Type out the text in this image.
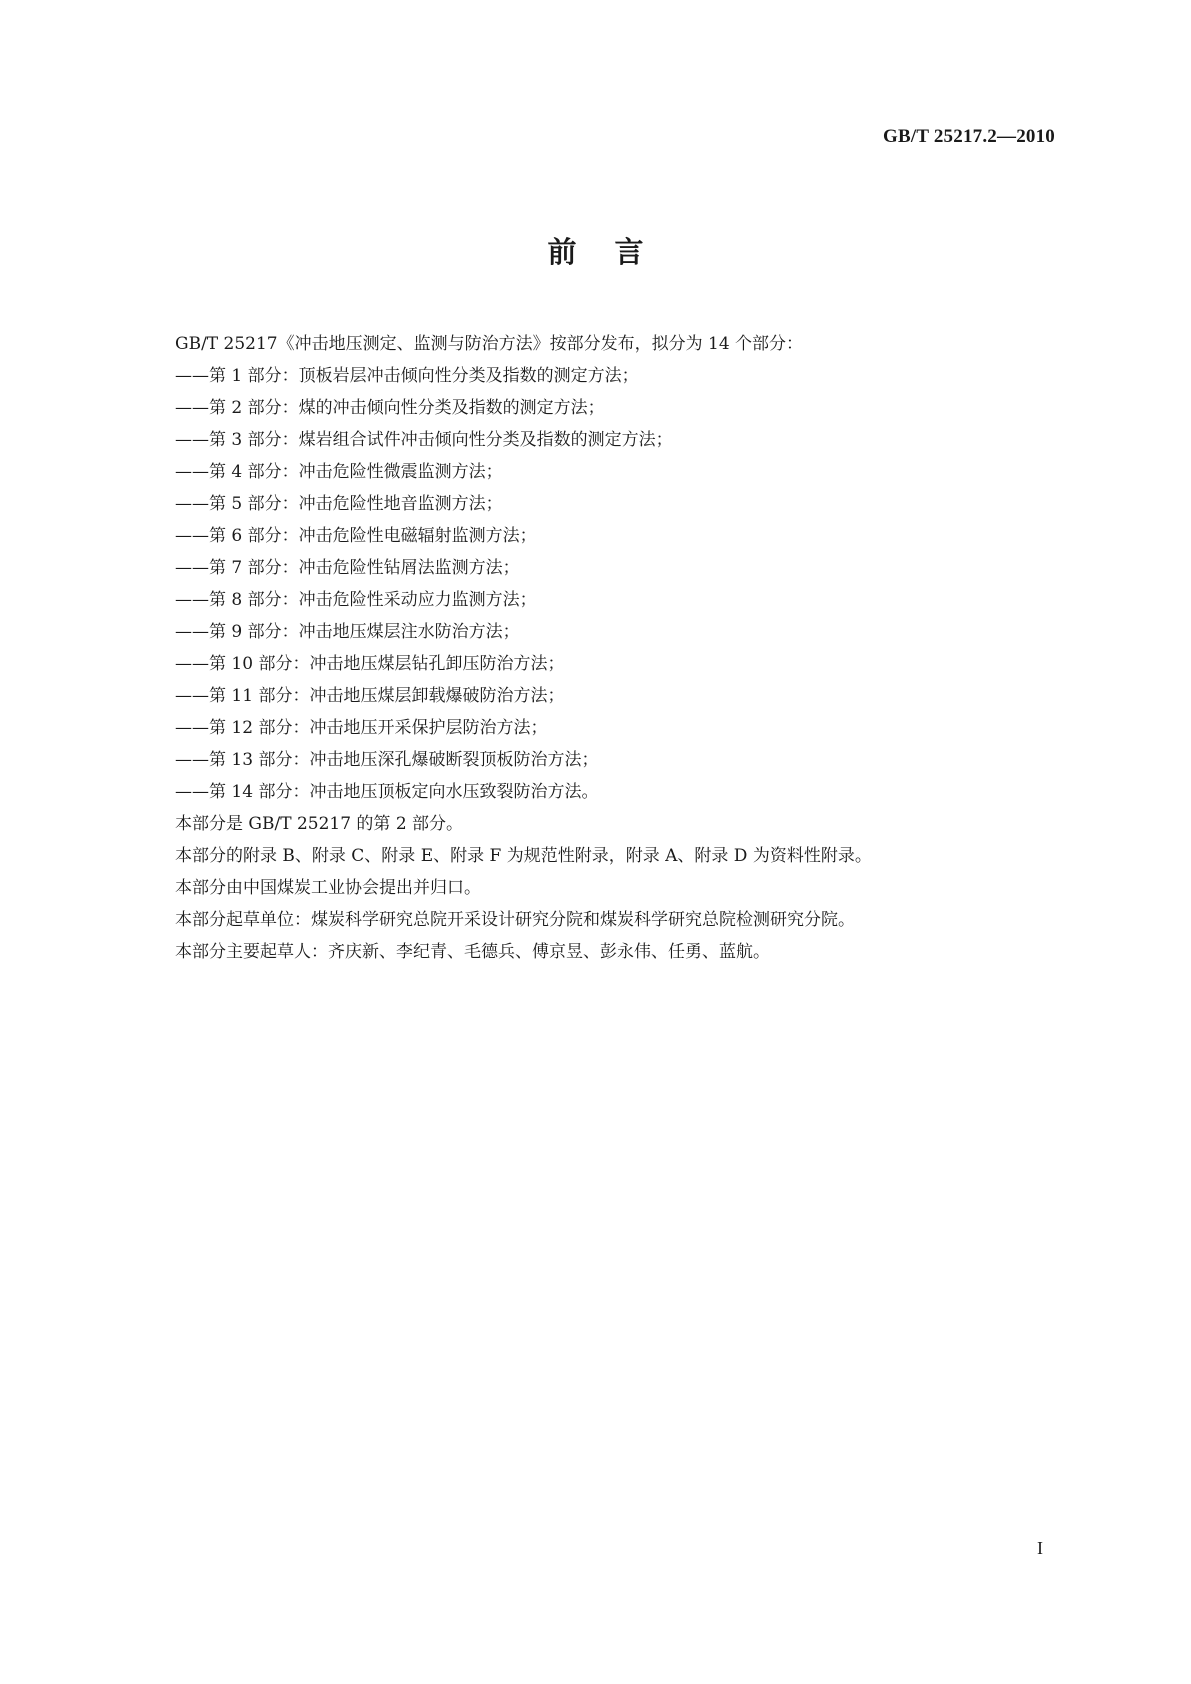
GB/T 25217.2—2010
前言
GB/T 25217《冲击地压测定、监测与防治方法》按部分发布，拟分为 14 个部分：
——第 1 部分：顶板岩层冲击倾向性分类及指数的测定方法；
——第 2 部分：煤的冲击倾向性分类及指数的测定方法；
——第 3 部分：煤岩组合试件冲击倾向性分类及指数的测定方法；
——第 4 部分：冲击危险性微震监测方法；
——第 5 部分：冲击危险性地音监测方法；
——第 6 部分：冲击危险性电磁辐射监测方法；
——第 7 部分：冲击危险性钻屑法监测方法；
——第 8 部分：冲击危险性采动应力监测方法；
——第 9 部分：冲击地压煤层注水防治方法；
——第 10 部分：冲击地压煤层钻孔卸压防治方法；
——第 11 部分：冲击地压煤层卸载爆破防治方法；
——第 12 部分：冲击地压开采保护层防治方法；
——第 13 部分：冲击地压深孔爆破断裂顶板防治方法；
——第 14 部分：冲击地压顶板定向水压致裂防治方法。
本部分是 GB/T 25217 的第 2 部分。
本部分的附录 B、附录 C、附录 E、附录 F 为规范性附录，附录 A、附录 D 为资料性附录。
本部分由中国煤炭工业协会提出并归口。
本部分起草单位：煤炭科学研究总院开采设计研究分院和煤炭科学研究总院检测研究分院。
本部分主要起草人：齐庆新、李纪青、毛德兵、傅京昱、彭永伟、任勇、蓝航。
I
